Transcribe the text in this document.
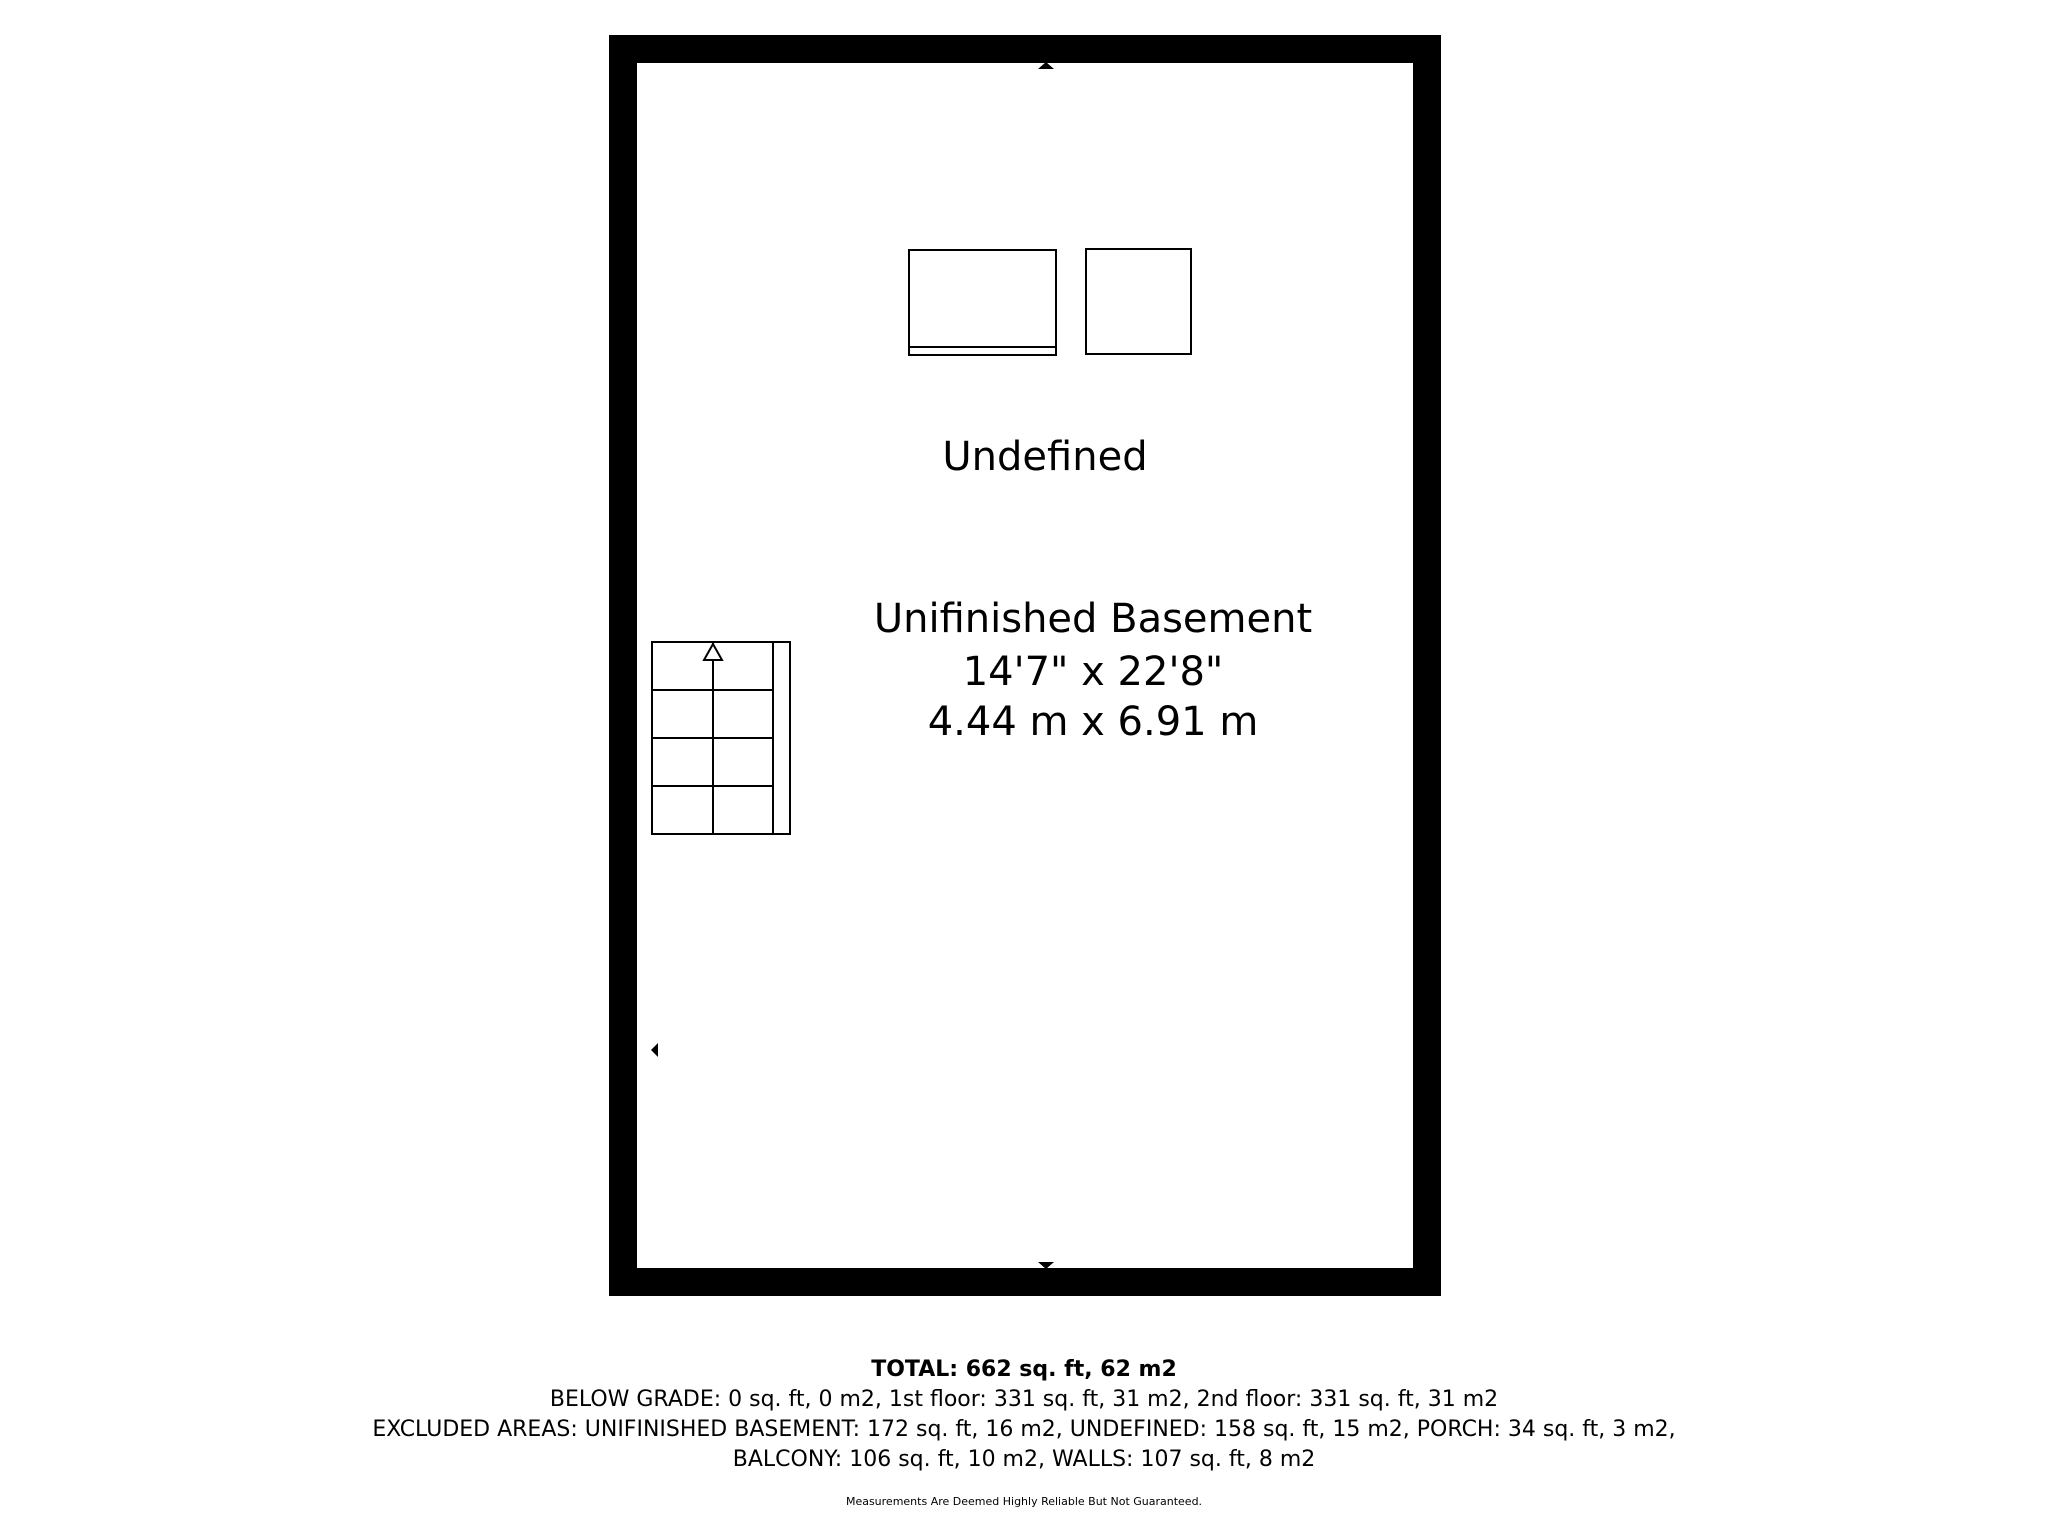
Undefined
Unifinished Basement
14'7" x 22'8"
4.44 m x 6.91 m
TOTAL: 662 sq. ft, 62 m2
BELOW GRADE: 0 sq. ft, 0 m2, 1st floor: 331 sq. ft, 31 m2, 2nd floor: 331 sq. ft, 31 m2
EXCLUDED AREAS: UNIFINISHED BASEMENT: 172 sq. ft, 16 m2, UNDEFINED: 158 sq. ft, 15 m2, PORCH: 34 sq. ft, 3 m2,
BALCONY: 106 sq. ft, 10 m2, WALLS: 107 sq. ft, 8 m2
Measurements Are Deemed Highly Reliable But Not Guaranteed.
